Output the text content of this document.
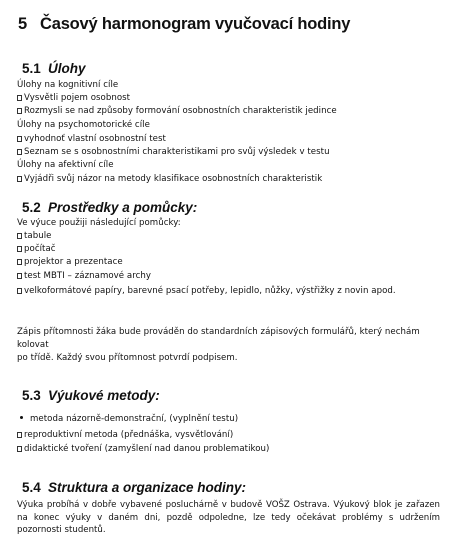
5 Časový harmonogram vyučovací hodiny
5.1 Úlohy
Úlohy na kognitivní cíle
Vysvětli pojem osobnost
Rozmysli se nad způsoby formování osobnostních charakteristik jedince
Úlohy na psychomotorické cíle
vyhodnoť vlastní osobnostní test
Seznam se s osobnostními charakteristikami pro svůj výsledek v testu
Úlohy na afektivní cíle
Vyjádři svůj názor na metody klasifikace osobnostních charakteristik
5.2 Prostředky a pomůcky:
Ve výuce použiji následující pomůcky:
tabule
počítač
projektor a prezentace
test MBTI – záznamové archy
velkoformátové papíry, barevné psací potřeby, lepidlo, nůžky, výstřižky z novin apod.
Zápis přítomnosti žáka bude prováděn do standardních zápisových formulářů, který nechám
kolovat
po třídě. Každý svou přítomnost potvrdí podpisem.
5.3 Výukové metody:
metoda názorně-demonstrační, (vyplnění testu)
reproduktivní metoda (přednáška, vysvětlování)
didaktické tvoření (zamyšlení nad danou problematikou)
5.4 Struktura a organizace hodiny:
Výuka probíhá v dobře vybavené posluchárně v budově VOŠZ Ostrava. Výukový blok je zařazen na konec výuky v daném dni, pozdě odpoledne, lze tedy očekávat problémy s udržením pozornosti studentů.
